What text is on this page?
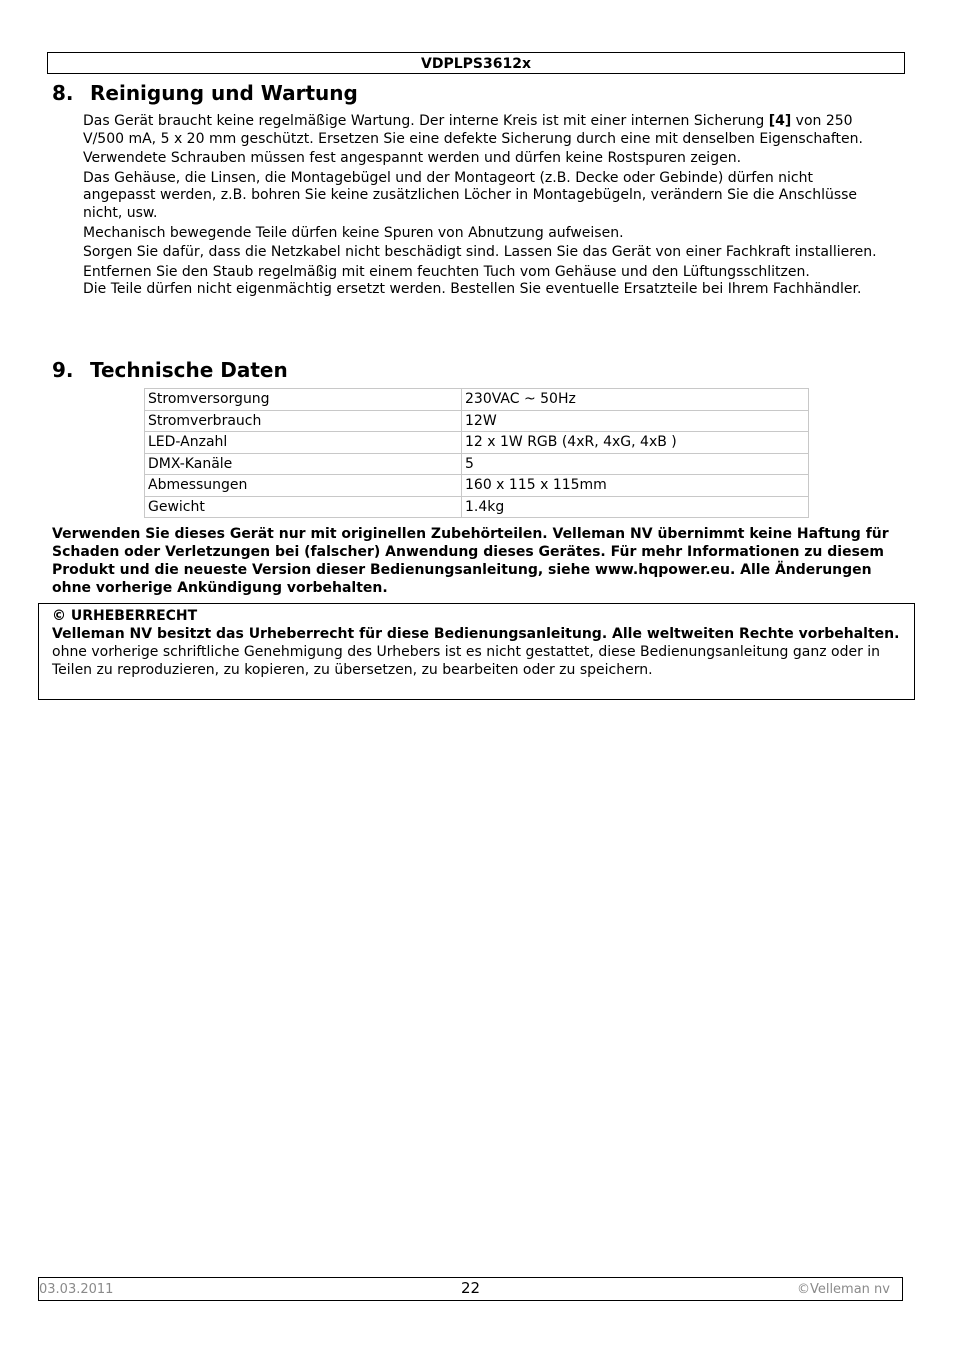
VDPLPS3612x
8. Reinigung und Wartung

Das Gerät braucht keine regelmäßige Wartung. Der interne Kreis ist mit einer internen Sicherung [4] von 250 V/500 mA, 5 x 20 mm geschützt. Ersetzen Sie eine defekte Sicherung durch eine mit denselben Eigenschaften.

Verwendete Schrauben müssen fest angespannt werden und dürfen keine Rostspuren zeigen.

Das Gehäuse, die Linsen, die Montagebügel und der Montageort (z.B. Decke oder Gebinde) dürfen nicht angepasst werden, z.B. bohren Sie keine zusätzlichen Löcher in Montagebügeln, verändern Sie die Anschlüsse nicht, usw.

Mechanisch bewegende Teile dürfen keine Spuren von Abnutzung aufweisen.

Sorgen Sie dafür, dass die Netzkabel nicht beschädigt sind. Lassen Sie das Gerät von einer Fachkraft installieren.

Entfernen Sie den Staub regelmäßig mit einem feuchten Tuch vom Gehäuse und den Lüftungsschlitzen.

Die Teile dürfen nicht eigenmächtig ersetzt werden. Bestellen Sie eventuelle Ersatzteile bei Ihrem Fachhändler.

9. Technische Daten
Stromversorgung	230VAC ~ 50Hz
Stromverbrauch	12W
LED-Anzahl	12 x 1W RGB (4xR, 4xG, 4xB )
DMX-Kanäle	5
Abmessungen	160 x 115 x 115mm
Gewicht	1.4kg
Verwenden Sie dieses Gerät nur mit originellen Zubehörteilen. Velleman NV übernimmt keine Haftung für Schaden oder Verletzungen bei (falscher) Anwendung dieses Gerätes. Für mehr Informationen zu diesem Produkt und die neueste Version dieser Bedienungsanleitung, siehe www.hqpower.eu. Alle Änderungen ohne vorherige Ankündigung vorbehalten.
© URHEBERRECHT
Velleman NV besitzt das Urheberrecht für diese Bedienungsanleitung. Alle weltweiten Rechte vorbehalten.
ohne vorherige schriftliche Genehmigung des Urhebers ist es nicht gestattet, diese Bedienungsanleitung ganz oder in Teilen zu reproduzieren, zu kopieren, zu übersetzen, zu bearbeiten oder zu speichern.
03.03.2011	22	©Velleman nv
